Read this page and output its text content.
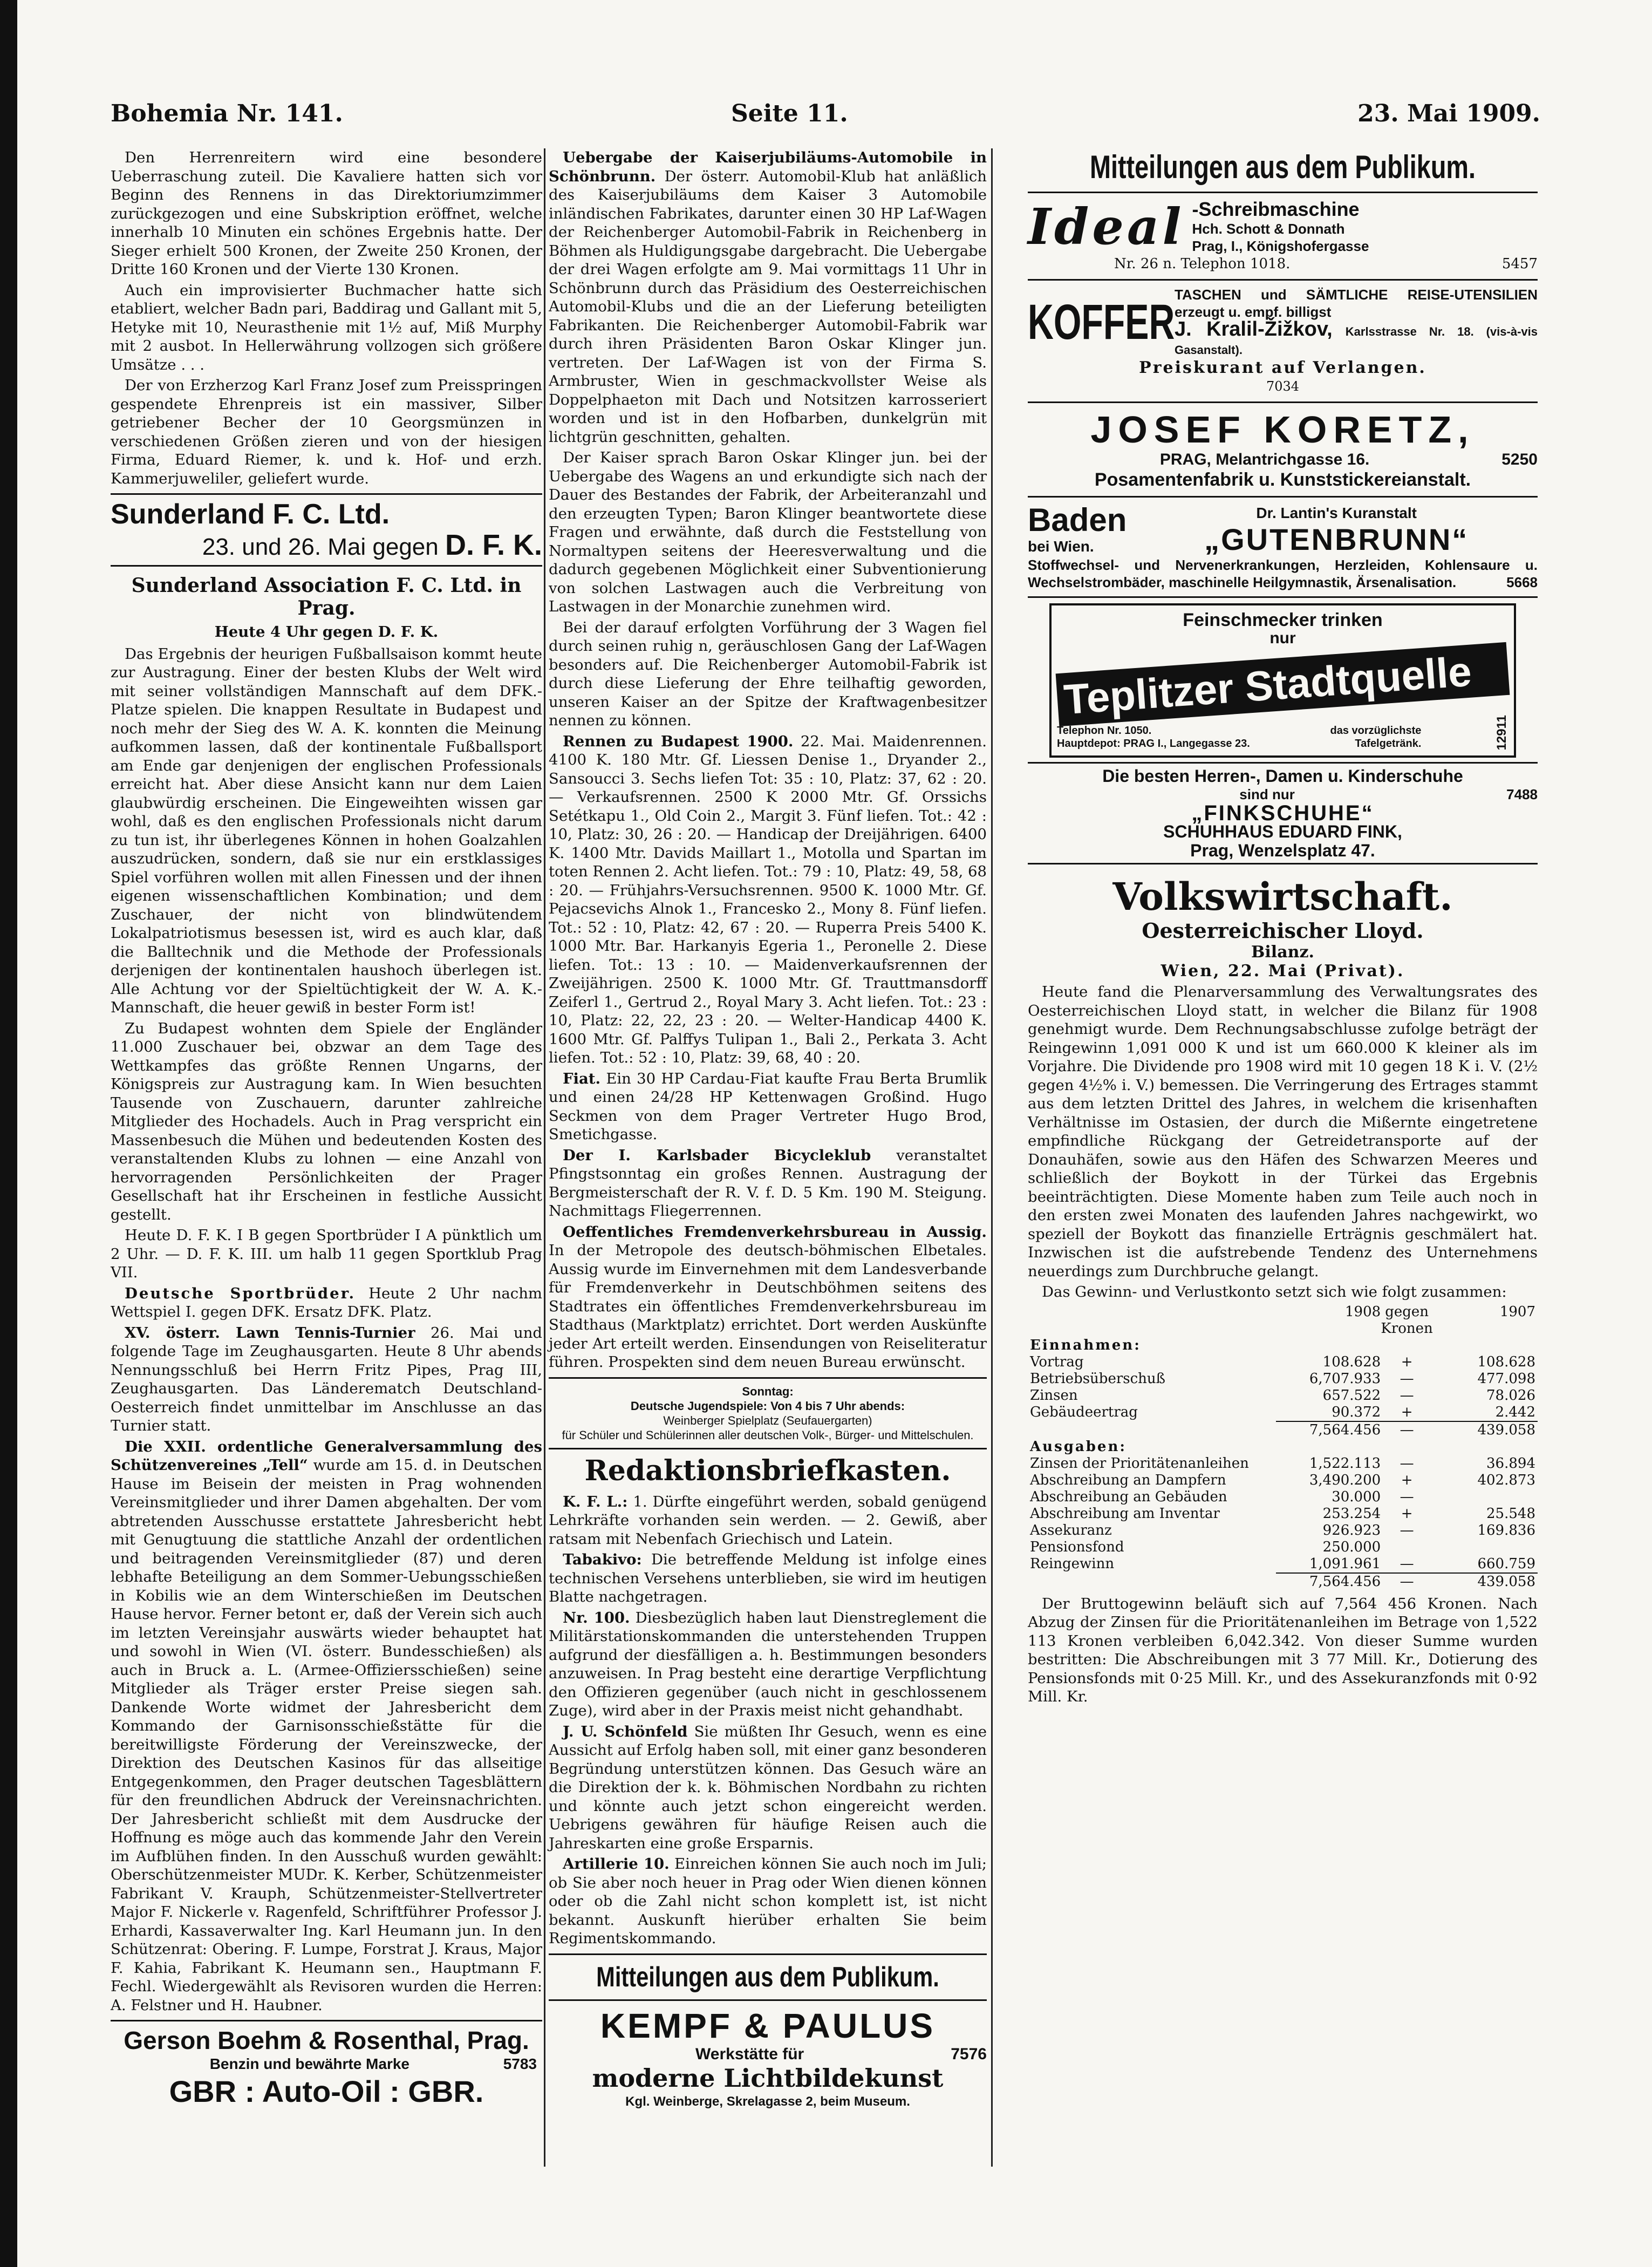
Bohemia Nr. 141.	Seite 11.	23. Mai 1909.

Den Herrenreitern wird eine besondere Ueberraschung zuteil. Die Kavaliere hatten sich vor Beginn des Rennens in das Direktoriumzimmer zurückgezogen und eine Subskription eröffnet, welche innerhalb 10 Minuten ein schönes Ergebnis hatte. Der Sieger erhielt 500 Kronen, der Zweite 250 Kronen, der Dritte 160 Kronen und der Vierte 130 Kronen.

Auch ein improvisierter Buchmacher hatte sich etabliert, welcher Badn pari, Baddirag und Gallant mit 5, Hetyke mit 10, Neurasthenie mit 1½ auf, Miß Murphy mit 2 ausbot. In Hellerwährung vollzogen sich größere Umsätze . . .

Der von Erzherzog Karl Franz Josef zum Preisspringen gespendete Ehrenpreis ist ein massiver, Silber getriebener Becher der 10 Georgsmünzen in verschiedenen Größen zieren und von der hiesigen Firma, Eduard Riemer, k. und k. Hof- und erzh. Kammerjuweliler, geliefert wurde.

Sunderland F. C. Ltd.
23. und 26. Mai gegen D. F. K.
Sunderland Association F. C. Ltd. in Prag.
Heute 4 Uhr gegen D. F. K.

Das Ergebnis der heurigen Fußballsaison kommt heute zur Austragung. Einer der besten Klubs der Welt wird mit seiner vollständigen Mannschaft auf dem DFK.-Platze spielen. Die knappen Resultate in Budapest und noch mehr der Sieg des W. A. K. konnten die Meinung aufkommen lassen, daß der kontinentale Fußballsport am Ende gar denjenigen der englischen Professionals erreicht hat. Aber diese Ansicht kann nur dem Laien glaubwürdig erscheinen. Die Eingeweihten wissen gar wohl, daß es den englischen Professionals nicht darum zu tun ist, ihr überlegenes Können in hohen Goalzahlen auszudrücken, sondern, daß sie nur ein erstklassiges Spiel vorführen wollen mit allen Finessen und der ihnen eigenen wissenschaftlichen Kombination; und dem Zuschauer, der nicht von blindwütendem Lokalpatriotismus besessen ist, wird es auch klar, daß die Balltechnik und die Methode der Professionals derjenigen der kontinentalen haushoch überlegen ist. Alle Achtung vor der Spieltüchtigkeit der W. A. K.-Mannschaft, die heuer gewiß in bester Form ist!

Zu Budapest wohnten dem Spiele der Engländer 11.000 Zuschauer bei, obzwar an dem Tage des Wettkampfes das größte Rennen Ungarns, der Königspreis zur Austragung kam. In Wien besuchten Tausende von Zuschauern, darunter zahlreiche Mitglieder des Hochadels. Auch in Prag verspricht ein Massenbesuch die Mühen und bedeutenden Kosten des veranstaltenden Klubs zu lohnen — eine Anzahl von hervorragenden Persönlichkeiten der Prager Gesellschaft hat ihr Erscheinen in festliche Aussicht gestellt.

Heute D. F. K. I B gegen Sportbrüder I A pünktlich um 2 Uhr. — D. F. K. III. um halb 11 gegen Sportklub Prag VII.

Deutsche Sportbrüder. Heute 2 Uhr nachm Wettspiel I. gegen DFK. Ersatz DFK. Platz.

XV. österr. Lawn Tennis-Turnier 26. Mai und folgende Tage im Zeughausgarten. Heute 8 Uhr abends Nennungsschluß bei Herrn Fritz Pipes, Prag III, Zeughausgarten. Das Länderematch Deutschland-Oesterreich findet unmittelbar im Anschlusse an das Turnier statt.

Die XXII. ordentliche Generalversammlung des Schützenvereines „Tell“ wurde am 15. d. in Deutschen Hause im Beisein der meisten in Prag wohnenden Vereinsmitglieder und ihrer Damen abgehalten. Der vom abtretenden Ausschusse erstattete Jahresbericht hebt mit Genugtuung die stattliche Anzahl der ordentlichen und beitragenden Vereinsmitglieder (87) und deren lebhafte Beteiligung an dem Sommer-Uebungsschießen in Kobilis wie an dem Winterschießen im Deutschen Hause hervor. Ferner betont er, daß der Verein sich auch im letzten Vereinsjahr auswärts wieder behauptet hat und sowohl in Wien (VI. österr. Bundesschießen) als auch in Bruck a. L. (Armee-Offiziersschießen) seine Mitglieder als Träger erster Preise siegen sah. Dankende Worte widmet der Jahresbericht dem Kommando der Garnisonsschießstätte für die bereitwilligste Förderung der Vereinszwecke, der Direktion des Deutschen Kasinos für das allseitige Entgegenkommen, den Prager deutschen Tagesblättern für den freundlichen Abdruck der Vereinsnachrichten. Der Jahresbericht schließt mit dem Ausdrucke der Hoffnung es möge auch das kommende Jahr den Verein im Aufblühen finden. In den Ausschuß wurden gewählt: Oberschützenmeister MUDr. K. Kerber, Schützenmeister Fabrikant V. Krauph, Schützenmeister-Stellvertreter Major F. Nickerle v. Ragenfeld, Schriftführer Professor J. Erhardi, Kassaverwalter Ing. Karl Heumann jun. In den Schützenrat: Obering. F. Lumpe, Forstrat J. Kraus, Major F. Kahia, Fabrikant K. Heumann sen., Hauptmann F. Fechl. Wiedergewählt als Revisoren wurden die Herren: A. Felstner und H. Haubner.

Gerson Boehm & Rosenthal, Prag.
Benzin und bewährte Marke	5783
GBR : Auto-Oil : GBR.

Uebergabe der Kaiserjubiläums-Automobile in Schönbrunn. Der österr. Automobil-Klub hat anläßlich des Kaiserjubiläums dem Kaiser 3 Automobile inländischen Fabrikates, darunter einen 30 HP Laf-Wagen der Reichenberger Automobil-Fabrik in Reichenberg in Böhmen als Huldigungsgabe dargebracht. Die Uebergabe der drei Wagen erfolgte am 9. Mai vormittags 11 Uhr in Schönbrunn durch das Präsidium des Oesterreichischen Automobil-Klubs und die an der Lieferung beteiligten Fabrikanten. Die Reichenberger Automobil-Fabrik war durch ihren Präsidenten Baron Oskar Klinger jun. vertreten. Der Laf-Wagen ist von der Firma S. Armbruster, Wien in geschmackvollster Weise als Doppelphaeton mit Dach und Notsitzen karrosseriert worden und ist in den Hofbarben, dunkelgrün mit lichtgrün geschnitten, gehalten.

Der Kaiser sprach Baron Oskar Klinger jun. bei der Uebergabe des Wagens an und erkundigte sich nach der Dauer des Bestandes der Fabrik, der Arbeiteranzahl und den erzeugten Typen; Baron Klinger beantwortete diese Fragen und erwähnte, daß durch die Feststellung von Normaltypen seitens der Heeresverwaltung und die dadurch gegebenen Möglichkeit einer Subventionierung von solchen Lastwagen auch die Verbreitung von Lastwagen in der Monarchie zunehmen wird.

Bei der darauf erfolgten Vorführung der 3 Wagen fiel durch seinen ruhig n, geräuschlosen Gang der Laf-Wagen besonders auf. Die Reichenberger Automobil-Fabrik ist durch diese Lieferung der Ehre teilhaftig geworden, unseren Kaiser an der Spitze der Kraftwagenbesitzer nennen zu können.

Rennen zu Budapest 1900. 22. Mai. Maidenrennen. 4100 K. 180 Mtr. Gf. Liessen Denise 1., Dryander 2., Sansoucci 3. Sechs liefen Tot: 35 : 10, Platz: 37, 62 : 20. — Verkaufsrennen. 2500 K 2000 Mtr. Gf. Orssichs Setétkapu 1., Old Coin 2., Margit 3. Fünf liefen. Tot.: 42 : 10, Platz: 30, 26 : 20. — Handicap der Dreijährigen. 6400 K. 1400 Mtr. Davids Maillart 1., Motolla und Spartan im toten Rennen 2. Acht liefen. Tot.: 79 : 10, Platz: 49, 58, 68 : 20. — Frühjahrs-Versuchsrennen. 9500 K. 1000 Mtr. Gf. Pejacsevichs Alnok 1., Francesko 2., Mony 8. Fünf liefen. Tot.: 52 : 10, Platz: 42, 67 : 20. — Ruperra Preis 5400 K. 1000 Mtr. Bar. Harkanyis Egeria 1., Peronelle 2. Diese liefen. Tot.: 13 : 10. — Maidenverkaufsrennen der Zweijährigen. 2500 K. 1000 Mtr. Gf. Trauttmansdorff Zeiferl 1., Gertrud 2., Royal Mary 3. Acht liefen. Tot.: 23 : 10, Platz: 22, 22, 23 : 20. — Welter-Handicap 4400 K. 1600 Mtr. Gf. Palffys Tulipan 1., Bali 2., Perkata 3. Acht liefen. Tot.: 52 : 10, Platz: 39, 68, 40 : 20.

Fiat. Ein 30 HP Cardau-Fiat kaufte Frau Berta Brumlik und einen 24/28 HP Kettenwagen Großind. Hugo Seckmen von dem Prager Vertreter Hugo Brod, Smetichgasse.

Der I. Karlsbader Bicycleklub veranstaltet Pfingstsonntag ein großes Rennen. Austragung der Bergmeisterschaft der R. V. f. D. 5 Km. 190 M. Steigung. Nachmittags Fliegerrennen.

Oeffentliches Fremdenverkehrsbureau in Aussig. In der Metropole des deutsch-böhmischen Elbetales. Aussig wurde im Einvernehmen mit dem Landesverbande für Fremdenverkehr in Deutschböhmen seitens des Stadtrates ein öffentliches Fremdenverkehrsbureau im Stadthaus (Marktplatz) errichtet. Dort werden Auskünfte jeder Art erteilt werden. Einsendungen von Reiseliteratur führen. Prospekten sind dem neuen Bureau erwünscht.

Sonntag:
Deutsche Jugendspiele: Von 4 bis 7 Uhr abends:
Weinberger Spielplatz (Seufauergarten)
für Schüler und Schülerinnen aller deutschen Volk-, Bürger- und Mittelschulen.
Redaktionsbriefkasten.

K. F. L.: 1. Dürfte eingeführt werden, sobald genügend Lehrkräfte vorhanden sein werden. — 2. Gewiß, aber ratsam mit Nebenfach Griechisch und Latein.

Tabakivo: Die betreffende Meldung ist infolge eines technischen Versehens unterblieben, sie wird im heutigen Blatte nachgetragen.

Nr. 100. Diesbezüglich haben laut Dienstreglement die Militärstationskommanden die unterstehenden Truppen aufgrund der diesfälligen a. h. Bestimmungen besonders anzuweisen. In Prag besteht eine derartige Verpflichtung den Offizieren gegenüber (auch nicht in geschlossenem Zuge), wird aber in der Praxis meist nicht gehandhabt.

J. U. Schönfeld Sie müßten Ihr Gesuch, wenn es eine Aussicht auf Erfolg haben soll, mit einer ganz besonderen Begründung unterstützen können. Das Gesuch wäre an die Direktion der k. k. Böhmischen Nordbahn zu richten und könnte auch jetzt schon eingereicht werden. Uebrigens gewähren für häufige Reisen auch die Jahreskarten eine große Ersparnis.

Artillerie 10. Einreichen können Sie auch noch im Juli; ob Sie aber noch heuer in Prag oder Wien dienen können oder ob die Zahl nicht schon komplett ist, ist nicht bekannt. Auskunft hierüber erhalten Sie beim Regimentskommando.

Mitteilungen aus dem Publikum.
KEMPF & PAULUS
Werkstätte für	7576
moderne Lichtbildekunst
Kgl. Weinberge, Skrelagasse 2, beim Museum.
Mitteilungen aus dem Publikum.
Ideal -Schreibmaschine
Hch. Schott & Donnath
Prag, I., Königshofergasse
Nr. 26 n. Telephon 1018.	5457
KOFFER
TASCHEN und SÄMTLICHE REISE-UTENSILIEN erzeugt u. empf. billigst
J. Kralil-Žižkov, Karlsstrasse Nr. 18. (vis-à-vis Gasanstalt).
Preiskurant auf Verlangen.
7034
JOSEF KORETZ,
PRAG, Melantrichgasse 16.	5250
Posamentenfabrik u. Kunststickereianstalt.
Baden
bei Wien.
Dr. Lantin's Kuranstalt
„GUTENBRUNN“
Stoffwechsel- und Nervenerkrankungen, Herzleiden, Kohlensaure u. Wechselstrombäder, maschinelle Heilgymnastik, Ärsenalisation.	5668
Feinschmecker trinken
nur
Teplitzer Stadtquelle
Telephon Nr. 1050.
Hauptdepot: PRAG I., Langegasse 23.
das vorzüglichste Tafelgetränk.	12911
Die besten Herren-, Damen u. Kinderschuhe
sind nur	7488
„FINKSCHUHE“
SCHUHHAUS EDUARD FINK,
Prag, Wenzelsplatz 47.
Volkswirtschaft.
Oesterreichischer Lloyd.
Bilanz.
Wien, 22. Mai (Privat).

Heute fand die Plenarversammlung des Verwaltungsrates des Oesterreichischen Lloyd statt, in welcher die Bilanz für 1908 genehmigt wurde. Dem Rechnungsabschlusse zufolge beträgt der Reingewinn 1,091 000 K und ist um 660.000 K kleiner als im Vorjahre. Die Dividende pro 1908 wird mit 10 gegen 18 K i. V. (2½ gegen 4½% i. V.) bemessen. Die Verringerung des Ertrages stammt aus dem letzten Drittel des Jahres, in welchem die krisenhaften Verhältnisse im Ostasien, der durch die Mißernte eingetretene empfindliche Rückgang der Getreidetransporte auf der Donauhäfen, sowie aus den Häfen des Schwarzen Meeres und schließlich der Boykott in der Türkei das Ergebnis beeinträchtigten. Diese Momente haben zum Teile auch noch in den ersten zwei Monaten des laufenden Jahres nachgewirkt, wo speziell der Boykott das finanzielle Erträgnis geschmälert hat. Inzwischen ist die aufstrebende Tendenz des Unternehmens neuerdings zum Durchbruche gelangt.

Das Gewinn- und Verlustkonto setzt sich wie folgt zusammen:

	1908	gegen	1907
	Kronen		
Einnahmen:			
Vortrag	108.628	+	108.628
Betriebsüberschuß	6,707.933	—	477.098
Zinsen	657.522	—	78.026
Gebäudeertrag	90.372	+	2.442
	7,564.456	—	439.058
Ausgaben:			
Zinsen der Prioritätenanleihen	1,522.113	—	36.894
Abschreibung an Dampfern	3,490.200	+	402.873
Abschreibung an Gebäuden	30.000	—	
Abschreibung am Inventar	253.254	+	25.548
Assekuranz	926.923	—	169.836
Pensionsfond	250.000		
Reingewinn	1,091.961	—	660.759
	7,564.456	—	439.058

Der Bruttogewinn beläuft sich auf 7,564 456 Kronen. Nach Abzug der Zinsen für die Prioritätenanleihen im Betrage von 1,522 113 Kronen verbleiben 6,042.342. Von dieser Summe wurden bestritten: Die Abschreibungen mit 3 77 Mill. Kr., Dotierung des Pensionsfonds mit 0·25 Mill. Kr., und des Assekuranzfonds mit 0·92 Mill. Kr.
